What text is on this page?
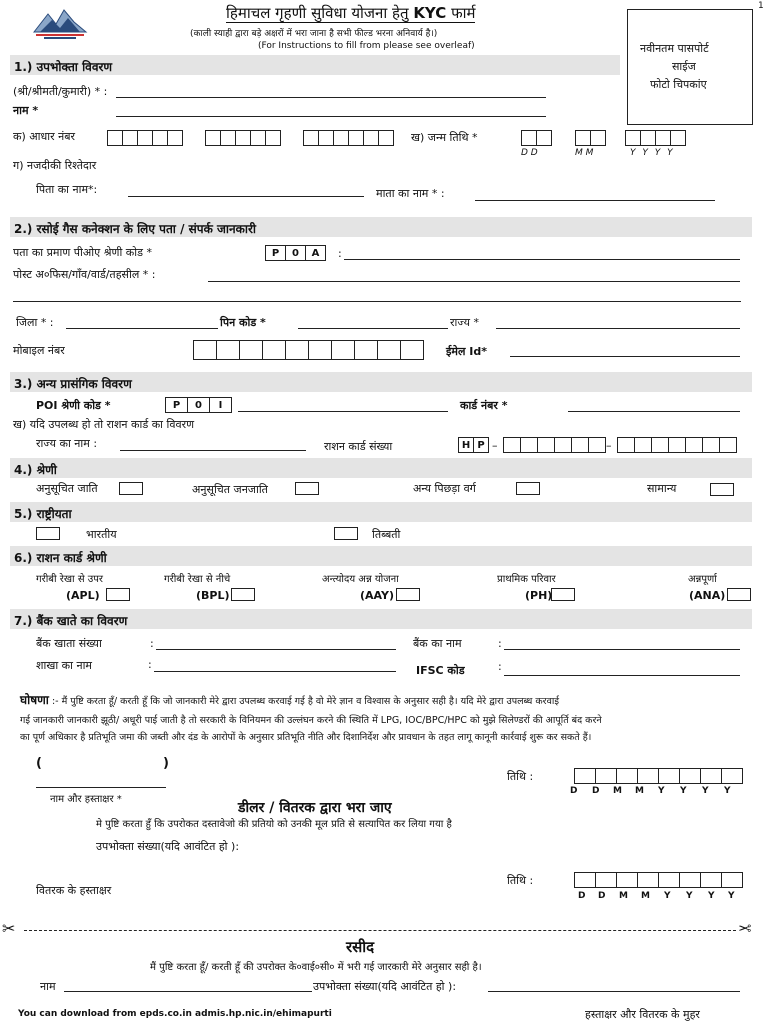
1
हिमाचल गृहणी सुविधा योजना हेतु KYC फार्म
(काली स्याही द्वारा बड़े अक्षरों में भरा जाना है सभी फील्ड भरना अनिवार्य है।)
(For Instructions to fill from please see overleaf)	नवीनतम पासपोर्ट
साईज
फोटो चिपकांए
1.) उपभोक्ता विवरण
(श्री/श्रीमती/कुमारी) * :
नाम *
क) आधार नंबर	ख) जन्म तिथि *
D D	M M	Y Y Y Y
ग) नजदीकी रिश्तेदार
पिता का नाम*:	माता का नाम * :
2.) रसोई गैस कनेक्शन के लिए पता / संपर्क जानकारी
पता का प्रमाण पीओए श्रेणी कोड *	P	0	A	:
पोस्ट अ०फिस/गाँव/वार्ड/तहसील * :
जिला * :	पिन कोड *	राज्य *
मोबाइल नंबर	ईमेल Id*
3.) अन्य प्रासंगिक विवरण
POI श्रेणी कोड *	P	0	I	कार्ड नंबर *
ख) यदि उपलब्ध हो तो राशन कार्ड का विवरण
राज्य का नाम :	राशन कार्ड संख्या	H P –	–
4.) श्रेणी
अनुसूचित जाति	अनुसूचित जनजाति	अन्य पिछड़ा वर्ग	सामान्य
5.) राष्ट्रीयता
भारतीय	तिब्बती
6.) राशन कार्ड श्रेणी
गरीबी रेखा से उपर
(APL)
गरीबी रेखा से नीचे
(BPL)
अन्त्योदय अन्न योजना
(AAY)
प्राथमिक परिवार
(PH)
अन्नपूर्णा
(ANA)
7.) बैंक खाते का विवरण
बैंक खाता संख्या	:	बैंक का नाम	:
शाखा का नाम	:	IFSC कोड	:
घोषणा :- मैं पुष्टि करता हूँ/ करती हूँ कि जो जानकारी मेरे द्वारा उपलब्ध करवाई गई है वो मेरे ज्ञान व विश्वास के अनुसार सही है। यदि मेरे द्वारा उपलब्ध करवाई
गई जानकारी जानकारी झूठी/ अधूरी पाई जाती है तो सरकारी के विनियमन की उल्लंघन करने की स्थिति में LPG, IOC/BPC/HPC को मुझे सिलेण्डरों की आपूर्ति बंद करने
का पूर्ण अधिकार है प्रतिभूति जमा की जब्ती और दंड के आरोपों के अनुसार प्रतिभूति नीति और दिशानिर्देश और प्रावधान के तहत लागू कानूनी कार्रवाई शुरू कर सकते हैं।
(	)
नाम और हस्ताक्षर *
तिथि :
D D M M Y Y Y Y
डीलर / वितरक द्वारा भरा जाए
मे पुष्टि करता हुँ कि उपरोकत दस्तावेजो की प्रतियो को उनकी मूल प्रति से सत्यापित कर लिया गया है
उपभोक्ता संख्या(यदि आवंटित हो ):
वितरक के हस्ताक्षर
तिथि :
D D M M Y Y Y Y
✂	✂
रसीद
मैं पुष्टि करता हूँ/ करती हूँ की उपरोक्त के०वाई०सी० में भरी गई जारकारी मेरे अनुसार सही है।
नाम	उपभोक्ता संख्या(यदि आवंटित हो ):
You can download from epds.co.in admis.hp.nic.in/ehimapurti	हस्ताक्षर और वितरक के मुहर
